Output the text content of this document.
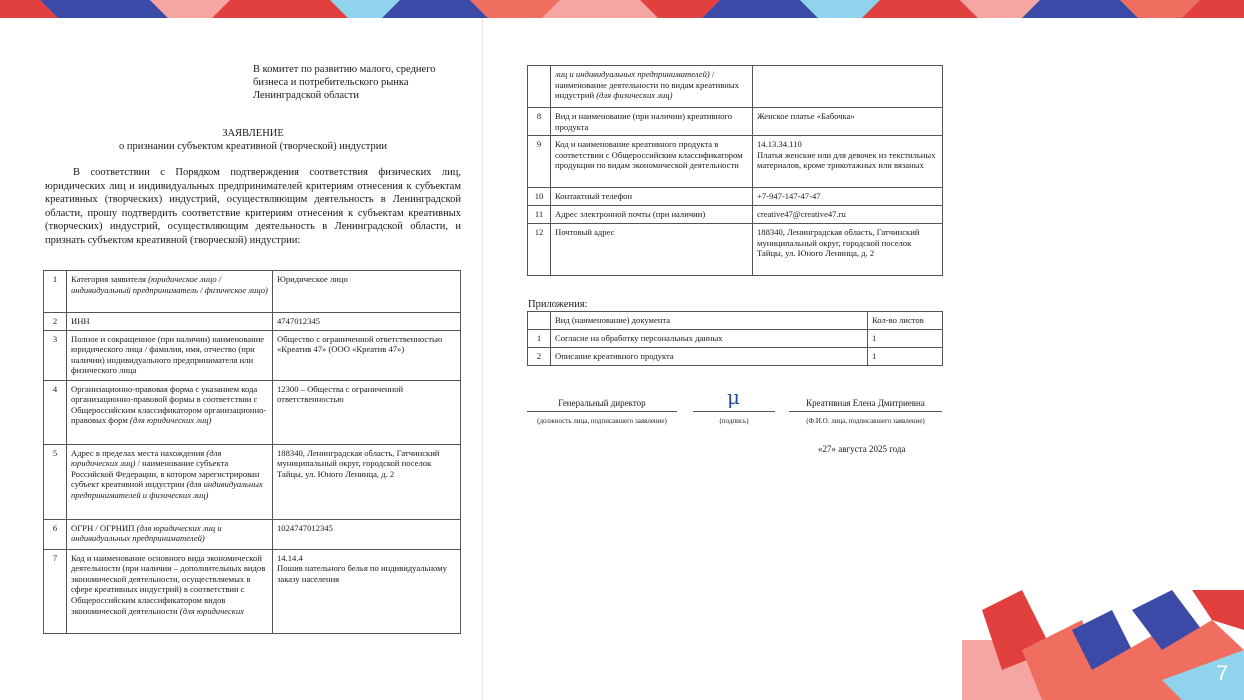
В комитет по развитию малого, среднего
бизнеса и потребительского рынка
Ленинградской области
ЗАЯВЛЕНИЕ
о признании субъектом креативной (творческой) индустрии
В соответствии с Порядком подтверждения соответствия физических лиц, юридических лиц и индивидуальных предпринимателей критериям отнесения к субъектам креативных (творческих) индустрий, осуществляющим деятельность в Ленинградской области, прошу подтвердить соответствие критериям отнесения к субъектам креативных (творческих) индустрий, осуществляющим деятельность в Ленинградской области, и признать субъектом креативной (творческой) индустрии:
1	Категория заявителя (юридическое лицо / индивидуальный предприниматель / физическое лицо)	Юридическое лицо
2	ИНН	4747012345
3	Полное и сокращенное (при наличии) наименование юридического лица / фамилия, имя, отчество (при наличии) индивидуального предпринимателя или физического лица	Общество с ограниченной ответственностью «Креатив 47» (ООО «Креатив 47»)
4	Организационно-правовая форма с указанием кода организационно-правовой формы в соответствии с Общероссийским классификатором организационно-правовых форм (для юридических лиц)	12300 – Общества с ограниченной ответственностью
5	Адрес в пределах места нахождения (для юридических лиц) / наименование субъекта Российской Федерации, в котором зарегистрирован субъект креативной индустрии (для индивидуальных предпринимателей и физических лиц)	188340, Ленинградская область, Гатчинский муниципальный округ, городской поселок Тайцы, ул. Юного Ленинца, д. 2
6	ОГРН / ОГРНИП (для юридических лиц и индивидуальных предпринимателей)	1024747012345
7	Код и наименование основного вида экономической деятельности (при наличии – дополнительных видов экономической деятельности, осуществляемых в сфере креативных индустрий) в соответствии с Общероссийским классификатором видов экономической деятельности (для юридических	14.14.4
Пошив нательного белья по индивидуальному заказу населения
	лиц и индивидуальных предпринимателей) / наименование деятельности по видам креативных индустрий (для физических лиц)	
8	Вид и наименование (при наличии) креативного продукта	Женское платье «Бабочка»
9	Код и наименование креативного продукта в соответствии с Общероссийским классификатором продукции по видам экономической деятельности	14.13.34.110
Платья женские или для девочек из текстильных материалов, кроме трикотажных или вязаных
10	Контактный телефон	+7-947-147-47-47
11	Адрес электронной почты (при наличии)	creative47@creative47.ru
12	Почтовый адрес	188340, Ленинградская область, Гатчинский муниципальный округ, городской поселок Тайцы, ул. Юного Ленинца, д. 2
Приложения:
	Вид (наименование) документа	Кол-во листов
1	Согласие на обработку персональных данных	1
2	Описание креативного продукта	1
Генеральный директор
(должность лица, подписавшего заявление)
μ
(подпись)
Креативная Елена Дмитриевна
(Ф.И.О. лица, подписавшего заявление)
«27» августа 2025 года
7
